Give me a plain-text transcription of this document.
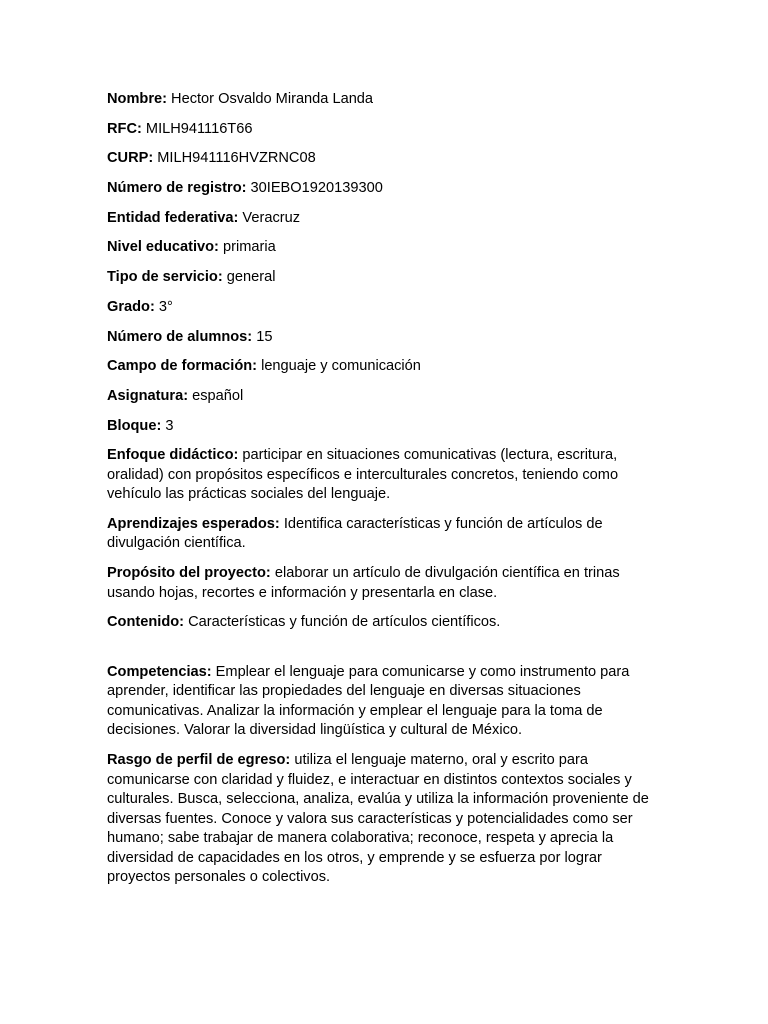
Nombre: Hector Osvaldo Miranda Landa

RFC: MILH941116T66

CURP: MILH941116HVZRNC08

Número de registro: 30IEBO1920139300

Entidad federativa: Veracruz

Nivel educativo: primaria

Tipo de servicio: general

Grado: 3°

Número de alumnos: 15

Campo de formación: lenguaje y comunicación

Asignatura: español

Bloque: 3

Enfoque didáctico: participar en situaciones comunicativas (lectura, escritura, oralidad) con propósitos específicos e interculturales concretos, teniendo como vehículo las prácticas sociales del lenguaje.

Aprendizajes esperados: Identifica características y función de artículos de divulgación científica.

Propósito del proyecto: elaborar un artículo de divulgación científica en trinas usando hojas, recortes e información y presentarla en clase.

Contenido: Características y función de artículos científicos.

Competencias: Emplear el lenguaje para comunicarse y como instrumento para aprender, identificar las propiedades del lenguaje en diversas situaciones comunicativas. Analizar la información y emplear el lenguaje para la toma de decisiones. Valorar la diversidad lingüística y cultural de México.

Rasgo de perfil de egreso: utiliza el lenguaje materno, oral y escrito para comunicarse con claridad y fluidez, e interactuar en distintos contextos sociales y culturales. Busca, selecciona, analiza, evalúa y utiliza la información proveniente de diversas fuentes. Conoce y valora sus características y potencialidades como ser humano; sabe trabajar de manera colaborativa; reconoce, respeta y aprecia la diversidad de capacidades en los otros, y emprende y se esfuerza por lograr proyectos personales o colectivos.
